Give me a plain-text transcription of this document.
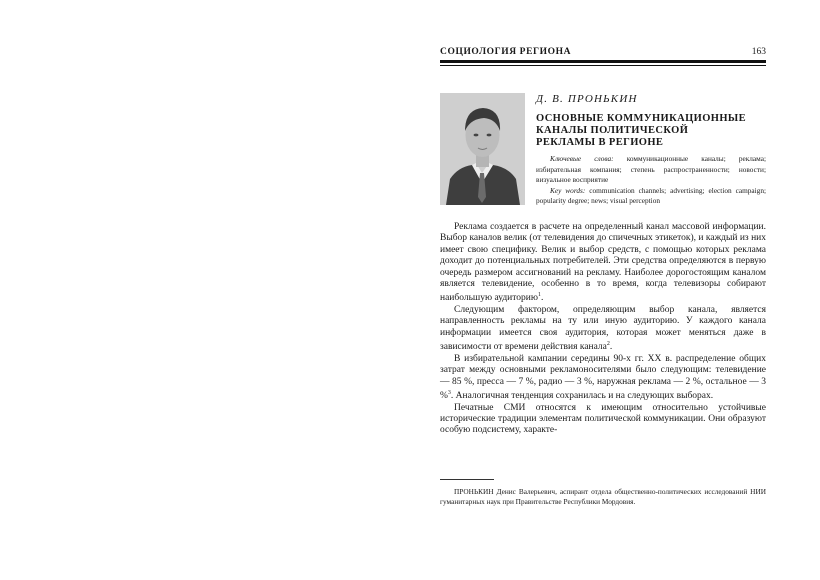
СОЦИОЛОГИЯ РЕГИОНА	163
Д. В. ПРОНЬКИН
ОСНОВНЫЕ КОММУНИКАЦИОННЫЕ
КАНАЛЫ ПОЛИТИЧЕСКОЙ
РЕКЛАМЫ В РЕГИОНЕ

Ключевые слова: коммуникационные каналы; реклама; избирательная компания; степень распространенности; новости; визуальное восприятие

Key words: communication channels; advertising; election campaign; popularity degree; news; visual perception

Реклама создается в расчете на определенный канал массовой информации. Выбор каналов велик (от телевидения до спичечных этикеток), и каждый из них имеет свою специфику. Велик и выбор средств, с помощью которых реклама доходит до потенциальных потребителей. Эти средства определяются в первую очередь размером ассигнований на рекламу. Наиболее дорогостоящим каналом является телевидение, особенно в то время, когда телевизоры собирают наибольшую аудиторию$^1$.

Следующим фактором, определяющим выбор канала, является направленность рекламы на ту или иную аудиторию. У каждого канала информации имеется своя аудитория, которая может меняться даже в зависимости от времени действия канала$^2$.

В избирательной кампании середины 90-х гг. XX в. распределение общих затрат между основными рекламоносителями было следующим: телевидение — 85 %, пресса — 7 %, радио — 3 %, наружная реклама — 2 %, остальное — 3 %$^3$. Аналогичная тенденция сохранилась и на следующих выборах.

Печатные СМИ относятся к имеющим относительно устойчивые исторические традиции элементам политической коммуникации. Они образуют особую подсистему, характе-

ПРОНЬКИН Денис Валерьевич, аспирант отдела общественно-политических исследований НИИ гуманитарных наук при Правительстве Республики Мордовия.
